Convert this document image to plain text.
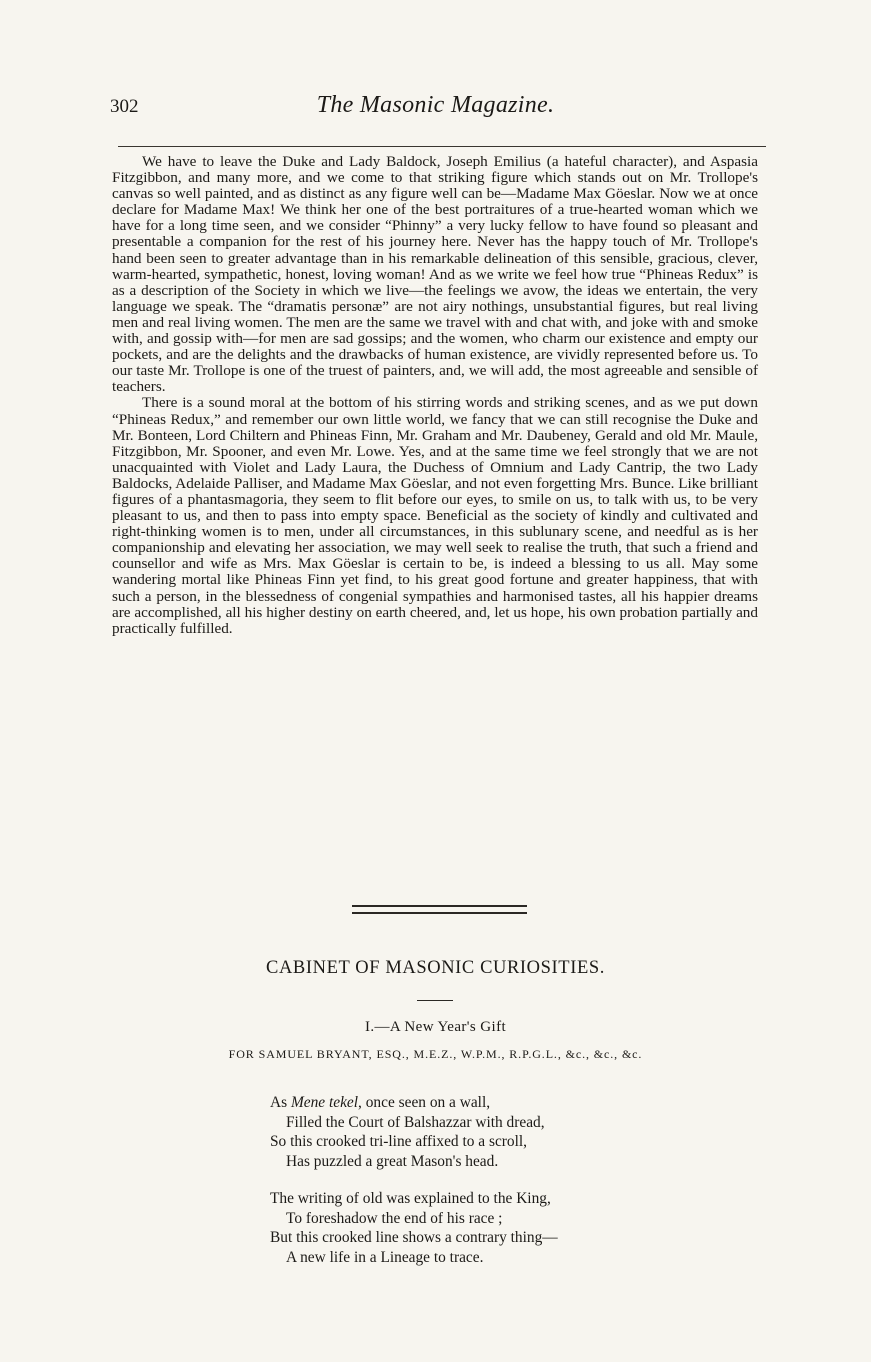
302	The Masonic Magazine.

We have to leave the Duke and Lady Baldock, Joseph Emilius (a hateful character), and Aspasia Fitzgibbon, and many more, and we come to that striking figure which stands out on Mr. Trollope's canvas so well painted, and as distinct as any figure well can be—Madame Max Göeslar. Now we at once declare for Madame Max! We think her one of the best portraitures of a true-hearted woman which we have for a long time seen, and we consider “Phinny” a very lucky fellow to have found so pleasant and presentable a companion for the rest of his journey here. Never has the happy touch of Mr. Trollope's hand been seen to greater advantage than in his remarkable delineation of this sensible, gracious, clever, warm-hearted, sympathetic, honest, loving woman! And as we write we feel how true “Phineas Redux” is as a description of the Society in which we live—the feelings we avow, the ideas we entertain, the very language we speak. The “dramatis personæ” are not airy nothings, unsubstantial figures, but real living men and real living women. The men are the same we travel with and chat with, and joke with and smoke with, and gossip with—for men are sad gossips; and the women, who charm our existence and empty our pockets, and are the delights and the drawbacks of human existence, are vividly represented before us. To our taste Mr. Trollope is one of the truest of painters, and, we will add, the most agreeable and sensible of teachers.

There is a sound moral at the bottom of his stirring words and striking scenes, and as we put down “Phineas Redux,” and remember our own little world, we fancy that we can still recognise the Duke and Mr. Bonteen, Lord Chiltern and Phineas Finn, Mr. Graham and Mr. Daubeney, Gerald and old Mr. Maule, Fitzgibbon, Mr. Spooner, and even Mr. Lowe. Yes, and at the same time we feel strongly that we are not unacquainted with Violet and Lady Laura, the Duchess of Omnium and Lady Cantrip, the two Lady Baldocks, Adelaide Palliser, and Madame Max Göeslar, and not even forgetting Mrs. Bunce. Like brilliant figures of a phantasmagoria, they seem to flit before our eyes, to smile on us, to talk with us, to be very pleasant to us, and then to pass into empty space. Beneficial as the society of kindly and cultivated and right-thinking women is to men, under all circumstances, in this sublunary scene, and needful as is her companionship and elevating her association, we may well seek to realise the truth, that such a friend and counsellor and wife as Mrs. Max Göeslar is certain to be, is indeed a blessing to us all. May some wandering mortal like Phineas Finn yet find, to his great good fortune and greater happiness, that with such a person, in the blessedness of congenial sympathies and harmonised tastes, all his happier dreams are accomplished, all his higher destiny on earth cheered, and, let us hope, his own probation partially and practically fulfilled.

CABINET OF MASONIC CURIOSITIES.
I.—A New Year's Gift
FOR SAMUEL BRYANT, ESQ., M.E.Z., W.P.M., R.P.G.L., &c., &c., &c.
As Mene tekel, once seen on a wall,
Filled the Court of Balshazzar with dread,
So this crooked tri-line affixed to a scroll,
Has puzzled a great Mason's head.
The writing of old was explained to the King,
To foreshadow the end of his race ;
But this crooked line shows a contrary thing—
A new life in a Lineage to trace.
